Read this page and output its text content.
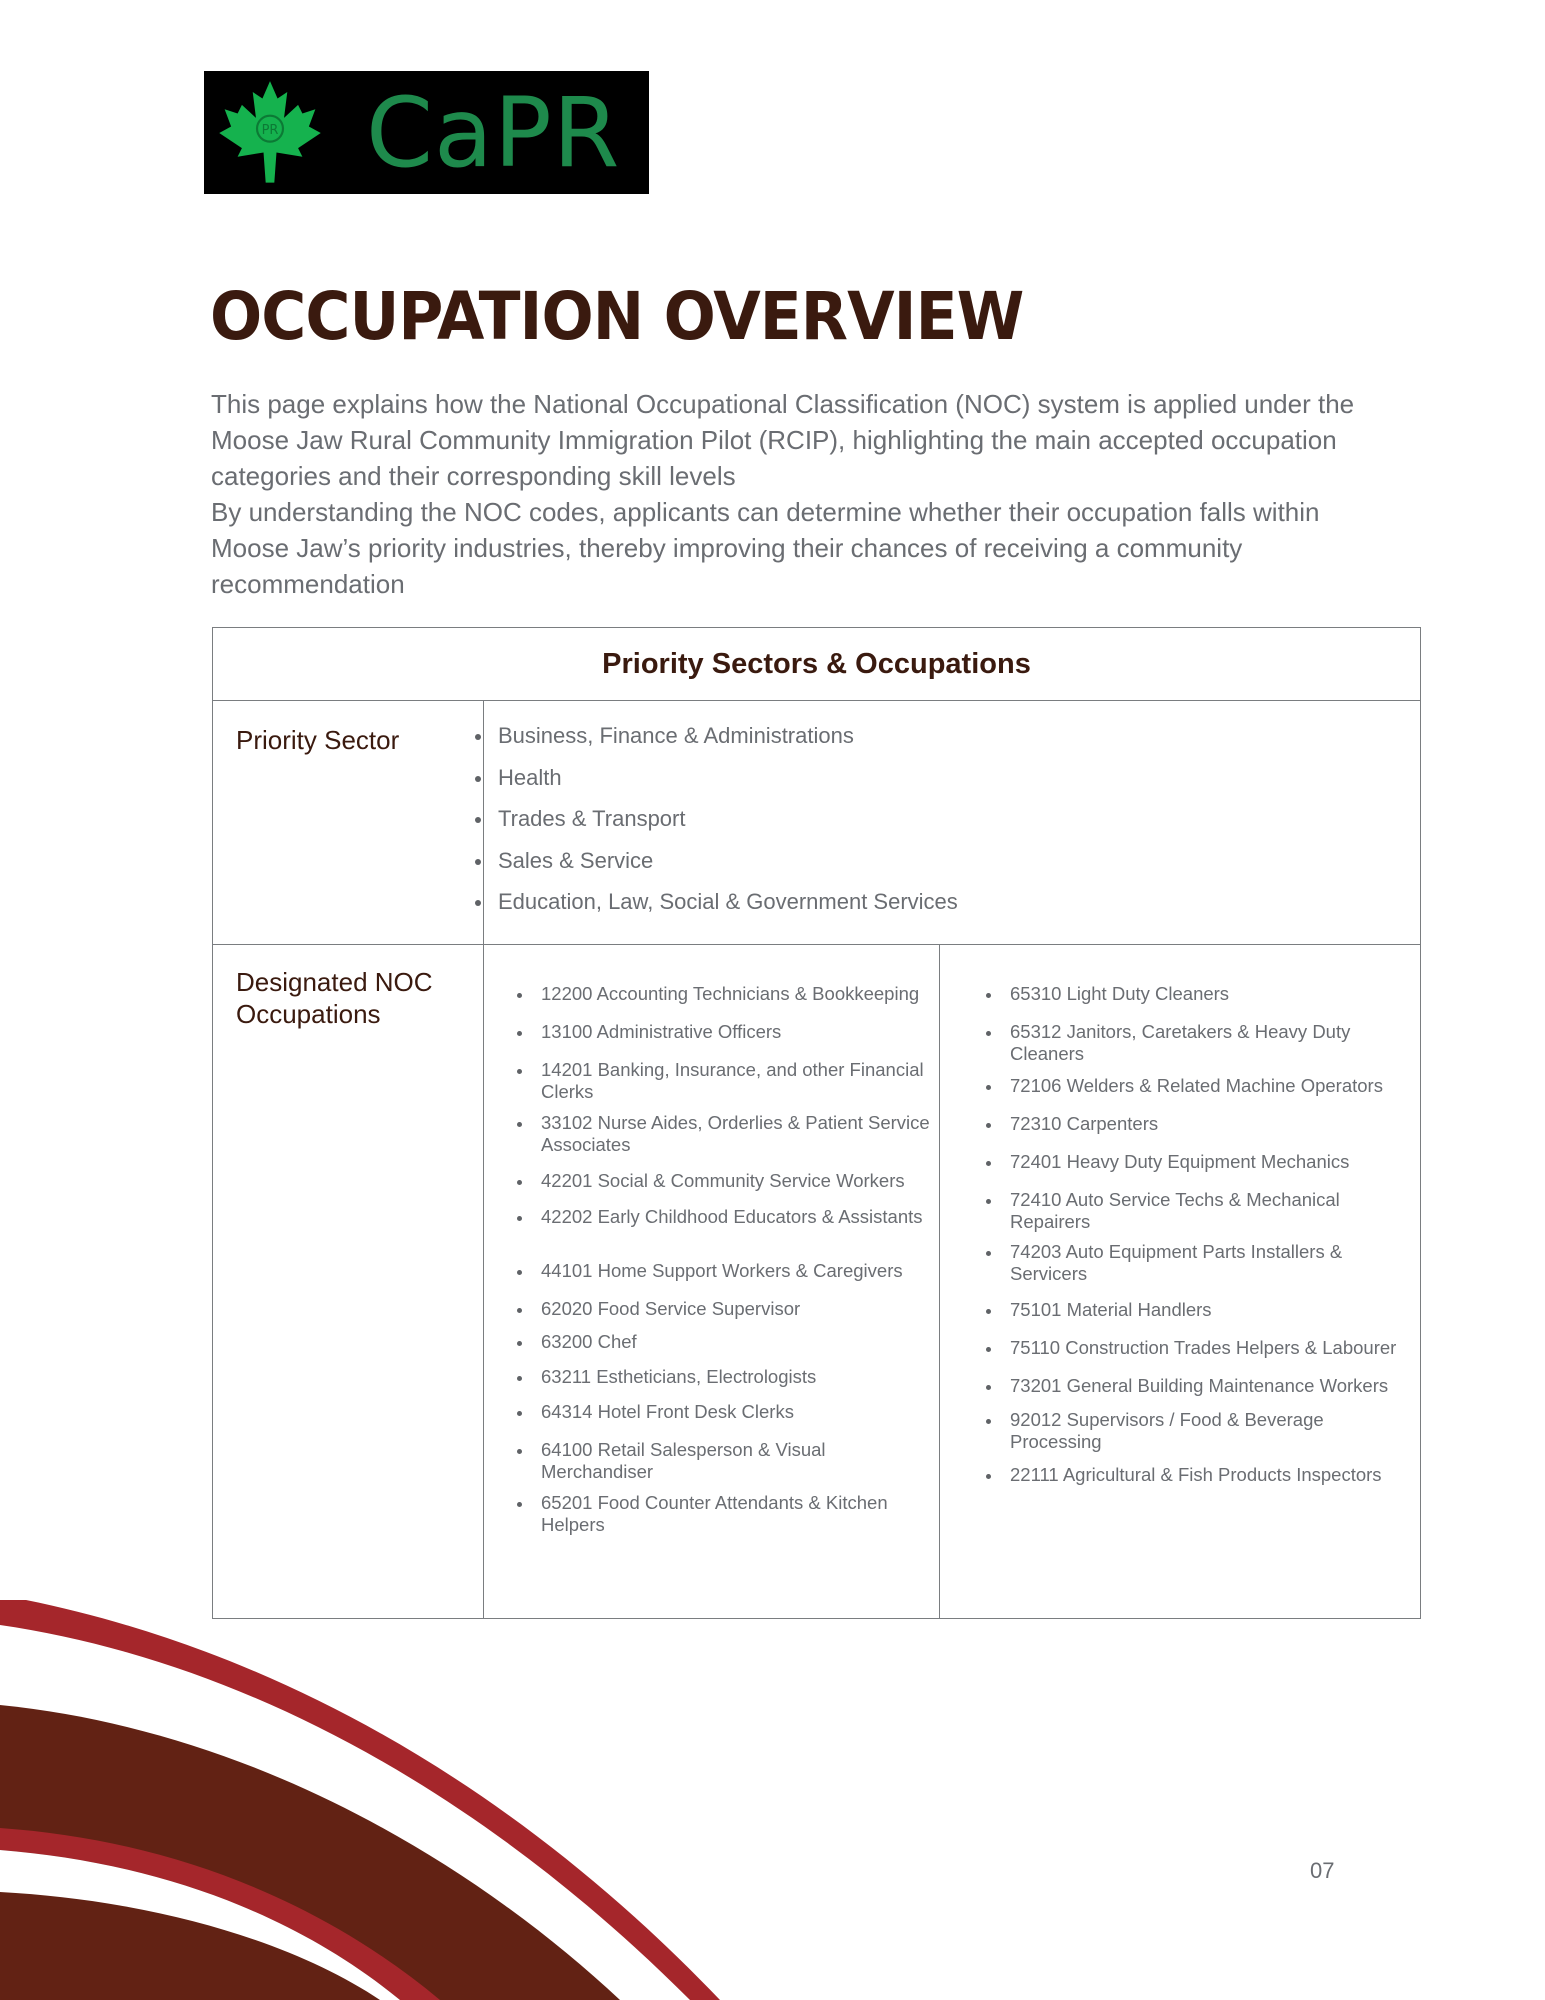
PR CaPR
OCCUPATION OVERVIEW

This page explains how the National Occupational Classification (NOC) system is applied under the Moose Jaw Rural Community Immigration Pilot (RCIP), highlighting the main accepted occupation categories and their corresponding skill levels

By understanding the NOC codes, applicants can determine whether their occupation falls within Moose Jaw’s priority industries, thereby improving their chances of receiving a community recommendation

Priority Sectors & Occupations
Priority Sector	Business, Finance & Administrations
Health
Trades & Transport
Sales & Service
Education, Law, Social & Government Services
Designated NOC Occupations
12200 Accounting Technicians & Bookkeeping
13100 Administrative Officers
14201 Banking, Insurance, and other Financial Clerks
33102 Nurse Aides, Orderlies & Patient Service Associates
42201 Social & Community Service Workers
42202 Early Childhood Educators & Assistants
44101 Home Support Workers & Caregivers
62020 Food Service Supervisor
63200 Chef
63211 Estheticians, Electrologists
64314 Hotel Front Desk Clerks
64100 Retail Salesperson & Visual Merchandiser
65201 Food Counter Attendants & Kitchen Helpers
65310 Light Duty Cleaners
65312 Janitors, Caretakers & Heavy Duty Cleaners
72106 Welders & Related Machine Operators
72310 Carpenters
72401 Heavy Duty Equipment Mechanics
72410 Auto Service Techs & Mechanical Repairers
74203 Auto Equipment Parts Installers & Servicers
75101 Material Handlers
75110 Construction Trades Helpers & Labourer
73201 General Building Maintenance Workers
92012 Supervisors / Food & Beverage Processing
22111 Agricultural & Fish Products Inspectors
07
